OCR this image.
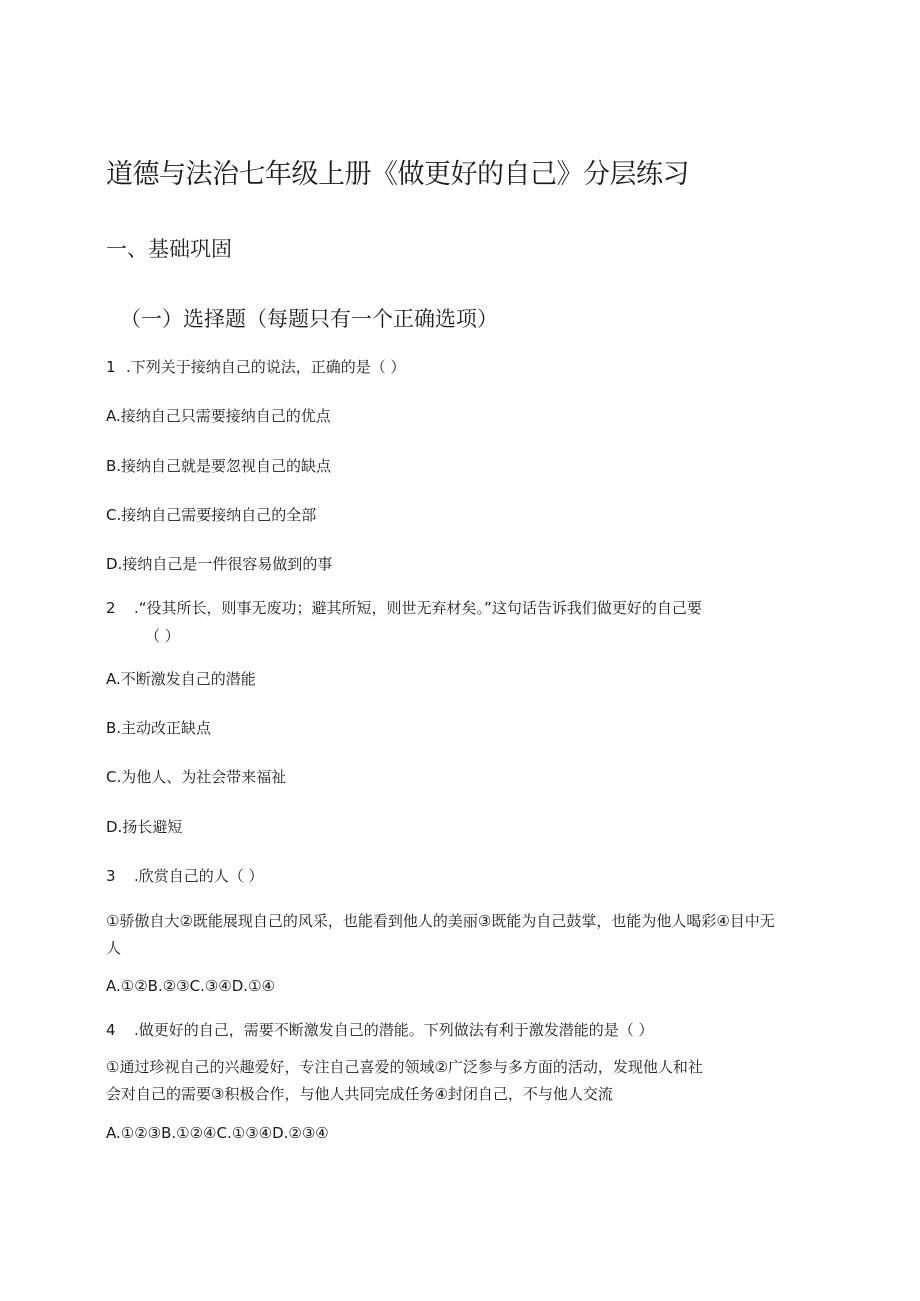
道德与法治七年级上册《做更好的自己》分层练习
一、基础巩固
（一）选择题（每题只有一个正确选项）
1 .下列关于接纳自己的说法，正确的是（ ）
A.接纳自己只需要接纳自己的优点
B.接纳自己就是要忽视自己的缺点
C.接纳自己需要接纳自己的全部
D.接纳自己是一件很容易做到的事
2 .“役其所长，则事无废功；避其所短，则世无弃材矣。”这句话告诉我们做更好的自己要
（ ）
A.不断激发自己的潜能
B.主动改正缺点
C.为他人、为社会带来福祉
D.扬长避短
3 .欣赏自己的人（ ）
①骄傲自大②既能展现自己的风采，也能看到他人的美丽③既能为自己鼓掌，也能为他人喝彩④目中无
人
A.①②B.②③C.③④D.①④
4 .做更好的自己，需要不断激发自己的潜能。下列做法有利于激发潜能的是（ ）
①通过珍视自己的兴趣爱好，专注自己喜爱的领域②广泛参与多方面的活动，发现他人和社
会对自己的需要③积极合作，与他人共同完成任务④封闭自己，不与他人交流
A.①②③B.①②④C.①③④D.②③④
